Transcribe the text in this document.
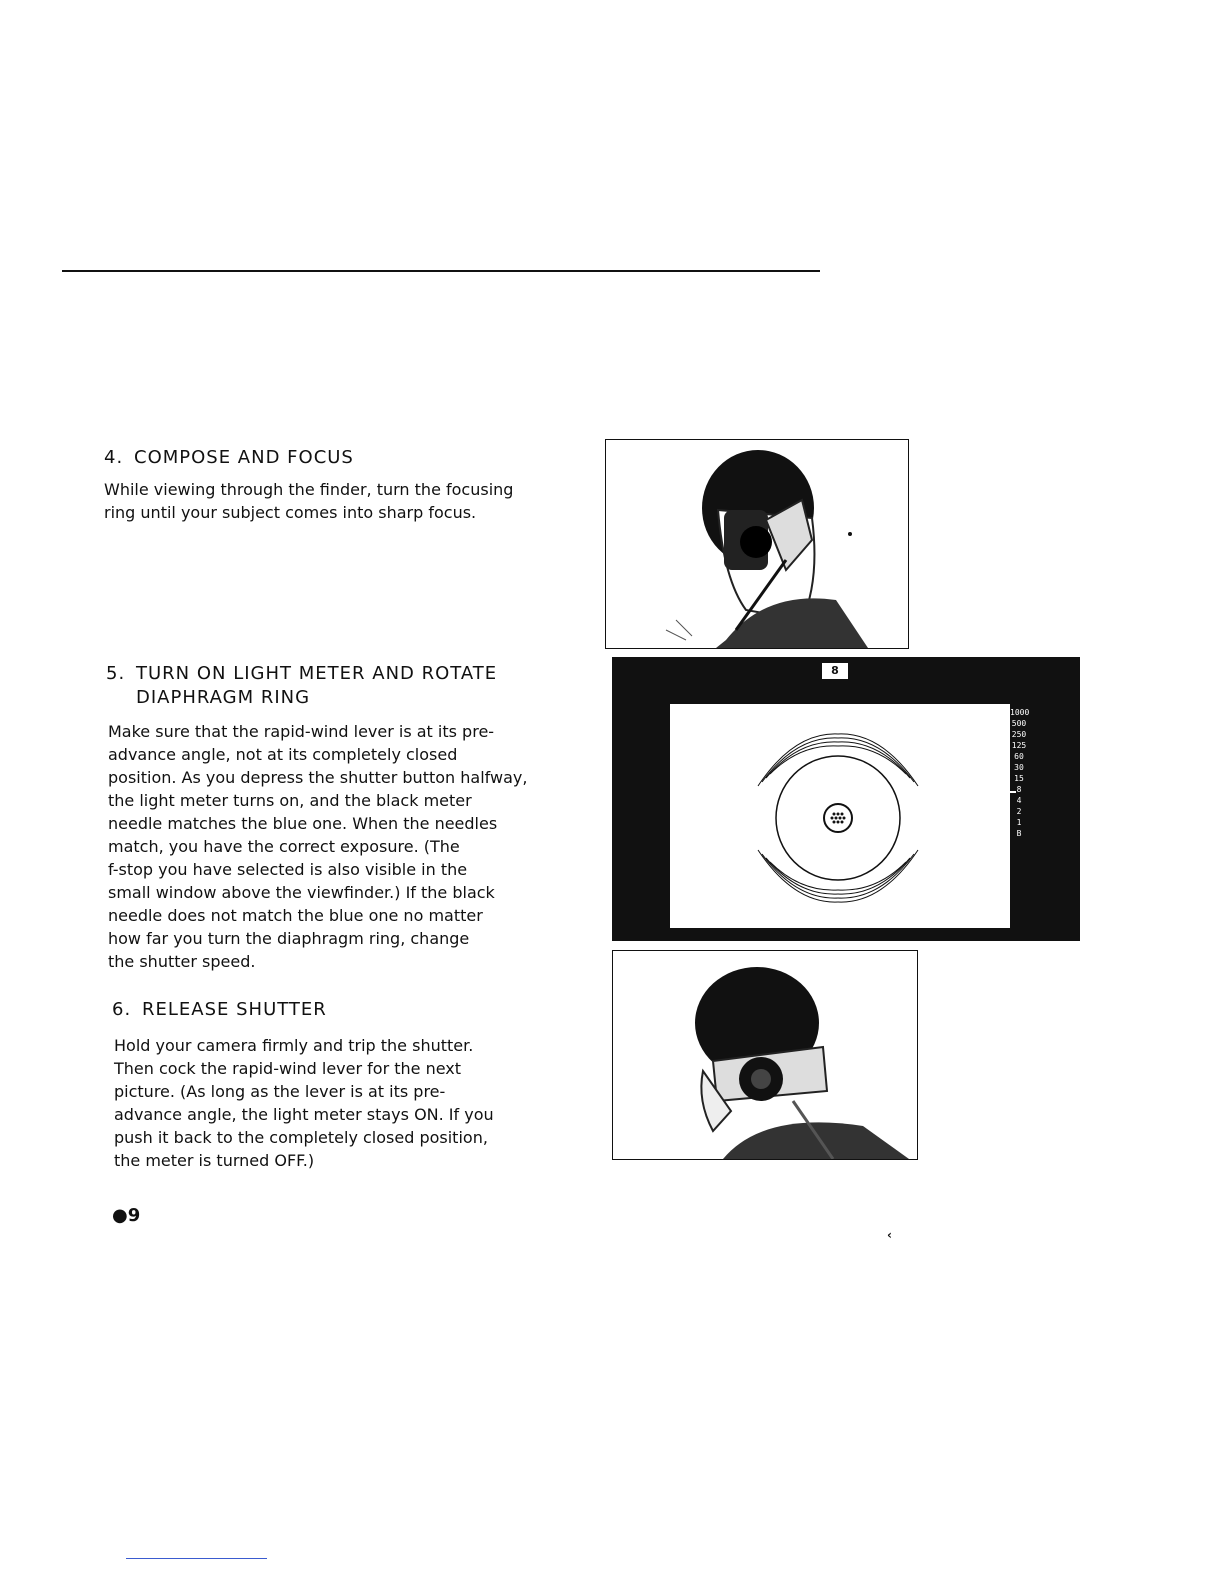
4. COMPOSE AND FOCUS

While viewing through the finder, turn the focusing
ring until your subject comes into sharp focus.

5. TURN ON LIGHT METER AND ROTATE
DIAPHRAGM RING

Make sure that the rapid-wind lever is at its pre-
advance angle, not at its completely closed
position. As you depress the shutter button halfway,
the light meter turns on, and the black meter
needle matches the blue one. When the needles
match, you have the correct exposure. (The
f-stop you have selected is also visible in the
small window above the viewfinder.) If the black
needle does not match the blue one no matter
how far you turn the diaphragm ring, change
the shutter speed.

8
1000
500
250
125
60
30
15
8
4
2
1
B
6. RELEASE SHUTTER

Hold your camera firmly and trip the shutter.
Then cock the rapid-wind lever for the next
picture. (As long as the lever is at its pre-
advance angle, the light meter stays ON. If you
push it back to the completely closed position,
the meter is turned OFF.)

●9
‹
